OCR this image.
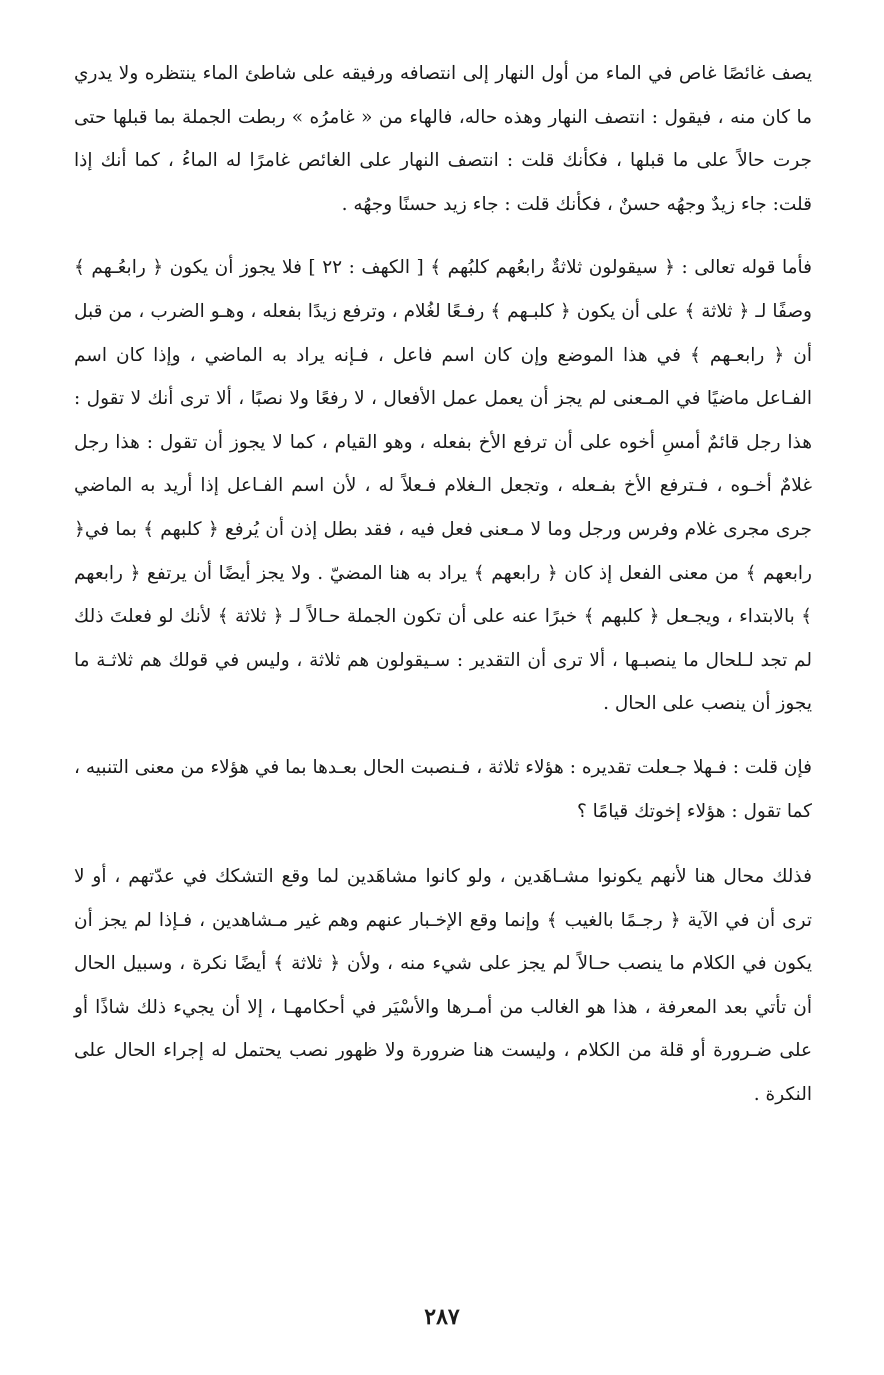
يصف غائصًا غاص في الماء من أول النهار إلى انتصافه ورفيقه على شاطئ الماء ينتظره ولا يدري ما كان منه ، فيقول : انتصف النهار وهذه حاله، فالهاء من « غامرُه » ربطت الجملة بما قبلها حتى جرت حالاً على ما قبلها ، فكأنك قلت : انتصف النهار على الغائص غامرًا له الماءُ ، كما أنك إذا قلت: جاء زيدٌ وجهُه حسنٌ ، فكأنك قلت : جاء زيد حسنًا وجهُه .

فأما قوله تعالى : ﴿ سيقولون ثلاثةٌ رابعُهم كلبُهم ﴾ [ الكهف : ٢٢ ] فلا يجوز أن يكون ﴿ رابعُـهم ﴾ وصفًا لـ ﴿ ثلاثة ﴾ على أن يكون ﴿ كلبـهم ﴾ رفـعًا لغُلام ، وترفع زيدًا بفعله ، وهـو الضرب ، من قبل أن ﴿ رابعـهم ﴾ في هذا الموضع وإن كان اسم فاعل ، فـإنه يراد به الماضي ، وإذا كان اسم الفـاعل ماضيًا في المـعنى لم يجز أن يعمل عمل الأفعال ، لا رفعًا ولا نصبًا ، ألا ترى أنك لا تقول : هذا رجل قائمٌ أمسِ أخوه على أن ترفع الأخ بفعله ، وهو القيام ، كما لا يجوز أن تقول : هذا رجل غلامٌ أخـوه ، فـترفع الأخ بفـعله ، وتجعل الـغلام فـعلاً له ، لأن اسم الفـاعل إذا أريد به الماضي جرى مجرى غلام وفرس ورجل وما لا مـعنى فعل فيه ، فقد بطل إذن أن يُرفع ﴿ كلبهم ﴾ بما في﴿ رابعهم ﴾ من معنى الفعل إذ كان ﴿ رابعهم ﴾ يراد به هنا المضيّ . ولا يجز أيضًا أن يرتفع ﴿ رابعهم ﴾ بالابتداء ، ويجـعل ﴿ كلبهم ﴾ خبرًا عنه على أن تكون الجملة حـالاً لـ ﴿ ثلاثة ﴾ لأنك لو فعلتَ ذلك لم تجد لـلحال ما ينصبـها ، ألا ترى أن التقدير : سـيقولون هم ثلاثة ، وليس في قولك هم ثلاثـة ما يجوز أن ينصب على الحال .

فإن قلت : فـهلا جـعلت تقديره : هؤلاء ثلاثة ، فـنصبت الحال بعـدها بما في هؤلاء من معنى التنبيه ، كما تقول : هؤلاء إخوتك قيامًا ؟

فذلك محال هنا لأنهم يكونوا مشـاهَدين ، ولو كانوا مشاهَدين لما وقع التشكك في عدّتهم ، أو لا ترى أن في الآية ﴿ رجـمًا بالغيب ﴾ وإنما وقع الإخـبار عنهم وهم غير مـشاهدين ، فـإذا لم يجز أن يكون في الكلام ما ينصب حـالاً لم يجز على شيء منه ، ولأن ﴿ ثلاثة ﴾ أيضًا نكرة ، وسبيل الحال أن تأتي بعد المعرفة ، هذا هو الغالب من أمـرها والأسْيَر في أحكامهـا ، إلا أن يجيء ذلك شاذًا أو على ضـرورة أو قلة من الكلام ، وليست هنا ضرورة ولا ظهور نصب يحتمل له إجراء الحال على النكرة .

٢٨٧
